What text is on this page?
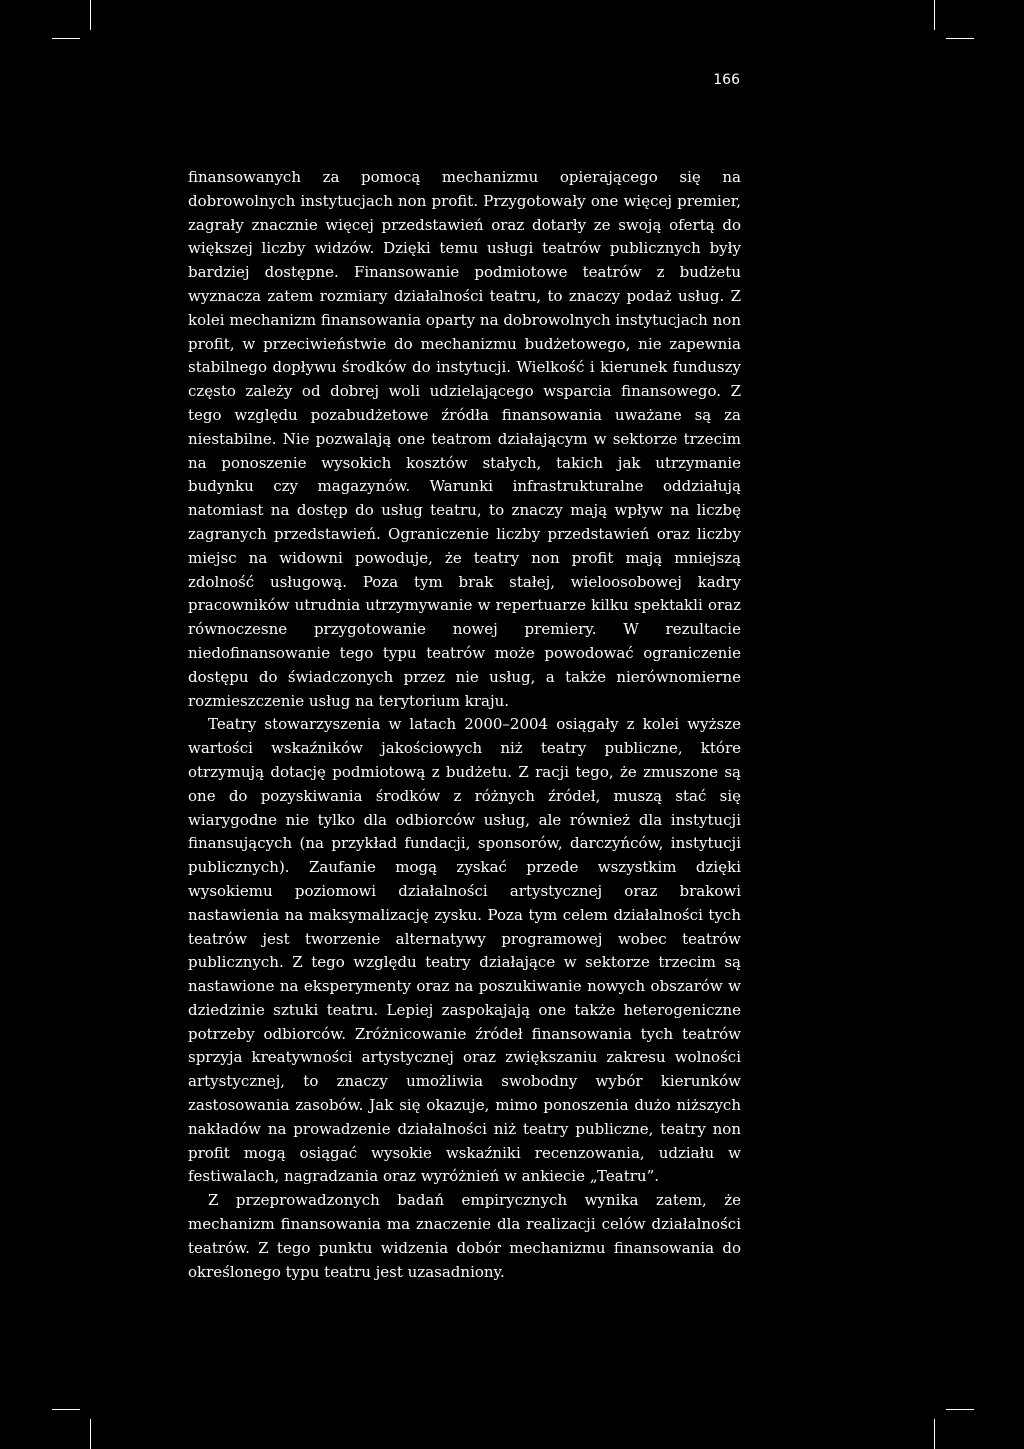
166

finansowanych za pomocą mechanizmu opierającego się na dobrowolnych instytucjach non profit. Przygotowały one więcej premier, zagrały znacznie więcej przedstawień oraz dotarły ze swoją ofertą do większej liczby widzów. Dzięki temu usługi teatrów publicznych były bardziej dostępne. Finansowanie podmiotowe teatrów z budżetu wyznacza zatem rozmiary działalności teatru, to znaczy podaż usług. Z kolei mechanizm finansowania oparty na dobrowolnych instytucjach non profit, w przeciwieństwie do mechanizmu budżetowego, nie zapewnia stabilnego dopływu środków do instytucji. Wielkość i kierunek funduszy często zależy od dobrej woli udzielającego wsparcia finansowego. Z tego względu pozabudżetowe źródła finansowania uważane są za niestabilne. Nie pozwalają one teatrom działającym w sektorze trzecim na ponoszenie wysokich kosztów stałych, takich jak utrzymanie budynku czy magazynów. Warunki infrastrukturalne oddziałują natomiast na dostęp do usług teatru, to znaczy mają wpływ na liczbę zagranych przedstawień. Ograniczenie liczby przedstawień oraz liczby miejsc na widowni powoduje, że teatry non profit mają mniejszą zdolność usługową. Poza tym brak stałej, wieloosobowej kadry pracowników utrudnia utrzymywanie w repertuarze kilku spektakli oraz równoczesne przygotowanie nowej premiery. W rezultacie niedofinansowanie tego typu teatrów może powodować ograniczenie dostępu do świadczonych przez nie usług, a także nierównomierne rozmieszczenie usług na terytorium kraju.

Teatry stowarzyszenia w latach 2000–2004 osiągały z kolei wyższe wartości wskaźników jakościowych niż teatry publiczne, które otrzymują dotację podmiotową z budżetu. Z racji tego, że zmuszone są one do pozyskiwania środków z różnych źródeł, muszą stać się wiarygodne nie tylko dla odbiorców usług, ale również dla instytucji finansujących (na przykład fundacji, sponsorów, darczyńców, instytucji publicznych). Zaufanie mogą zyskać przede wszystkim dzięki wysokiemu poziomowi działalności artystycznej oraz brakowi nastawienia na maksymalizację zysku. Poza tym celem działalności tych teatrów jest tworzenie alternatywy programowej wobec teatrów publicznych. Z tego względu teatry działające w sektorze trzecim są nastawione na eksperymenty oraz na poszukiwanie nowych obszarów w dziedzinie sztuki teatru. Lepiej zaspokajają one także heterogeniczne potrzeby odbiorców. Zróżnicowanie źródeł finansowania tych teatrów sprzyja kreatywności artystycznej oraz zwiększaniu zakresu wolności artystycznej, to znaczy umożliwia swobodny wybór kierunków zastosowania zasobów. Jak się okazuje, mimo ponoszenia dużo niższych nakładów na prowadzenie działalności niż teatry publiczne, teatry non profit mogą osiągać wysokie wskaźniki recenzowania, udziału w festiwalach, nagradzania oraz wyróżnień w ankiecie „Teatru”.

Z przeprowadzonych badań empirycznych wynika zatem, że mechanizm finansowania ma znaczenie dla realizacji celów działalności teatrów. Z tego punktu widzenia dobór mechanizmu finansowania do określonego typu teatru jest uzasadniony.
